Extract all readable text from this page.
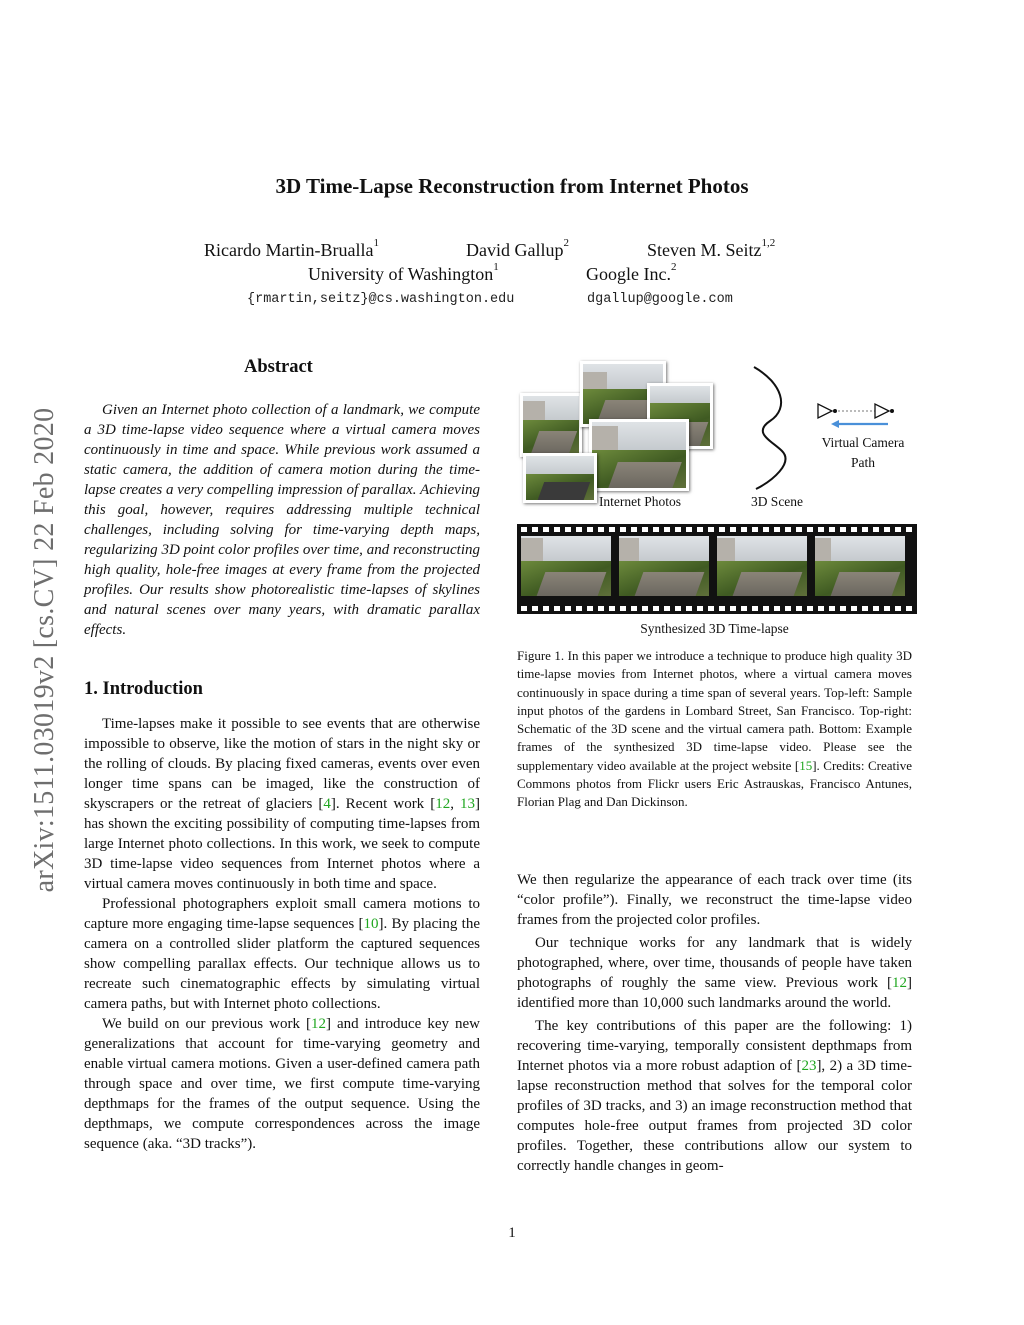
arXiv:1511.03019v2 [cs.CV] 22 Feb 2020
3D Time-Lapse Reconstruction from Internet Photos
Ricardo Martin-Brualla$^1$	David Gallup$^2$	Steven M. Seitz$^{1,2}$
University of Washington$^1$	Google Inc.$^2$
{rmartin,seitz}@cs.washington.edu	dgallup@google.com
Abstract
Given an Internet photo collection of a landmark, we compute a 3D time-lapse video sequence where a virtual camera moves continuously in time and space. While previous work assumed a static camera, the addition of camera motion during the time-lapse creates a very compelling impression of parallax. Achieving this goal, however, requires addressing multiple technical challenges, including solving for time-varying depth maps, regularizing 3D point color profiles over time, and reconstructing high quality, hole-free images at every frame from the projected profiles. Our results show photorealistic time-lapses of skylines and natural scenes over many years, with dramatic parallax effects.
1. Introduction

Time-lapses make it possible to see events that are otherwise impossible to observe, like the motion of stars in the night sky or the rolling of clouds. By placing fixed cameras, events over even longer time spans can be imaged, like the construction of skyscrapers or the retreat of glaciers [4]. Recent work [12, 13] has shown the exciting possibility of computing time-lapses from large Internet photo collections. In this work, we seek to compute 3D time-lapse video sequences from Internet photos where a virtual camera moves continuously in both time and space.

Professional photographers exploit small camera motions to capture more engaging time-lapse sequences [10]. By placing the camera on a controlled slider platform the captured sequences show compelling parallax effects. Our technique allows us to recreate such cinematographic effects by simulating virtual camera paths, but with Internet photo collections.

We build on our previous work [12] and introduce key new generalizations that account for time-varying geometry and enable virtual camera motions. Given a user-defined camera path through space and over time, we first compute time-varying depthmaps for the frames of the output sequence. Using the depthmaps, we compute correspondences across the image sequence (aka. “3D tracks”).

Internet Photos	3D Scene
Virtual Camera Path
Synthesized 3D Time-lapse
Figure 1. In this paper we introduce a technique to produce high quality 3D time-lapse movies from Internet photos, where a virtual camera moves continuously in space during a time span of several years. Top-left: Sample input photos of the gardens in Lombard Street, San Francisco. Top-right: Schematic of the 3D scene and the virtual camera path. Bottom: Example frames of the synthesized 3D time-lapse video. Please see the supplementary video available at the project website [15]. Credits: Creative Commons photos from Flickr users Eric Astrauskas, Francisco Antunes, Florian Plag and Dan Dickinson.

We then regularize the appearance of each track over time (its “color profile”). Finally, we reconstruct the time-lapse video frames from the projected color profiles.

Our technique works for any landmark that is widely photographed, where, over time, thousands of people have taken photographs of roughly the same view. Previous work [12] identified more than 10,000 such landmarks around the world.

The key contributions of this paper are the following: 1) recovering time-varying, temporally consistent depthmaps from Internet photos via a more robust adaption of [23], 2) a 3D time-lapse reconstruction method that solves for the temporal color profiles of 3D tracks, and 3) an image reconstruction method that computes hole-free output frames from projected 3D color profiles. Together, these contributions allow our system to correctly handle changes in geom-

1
